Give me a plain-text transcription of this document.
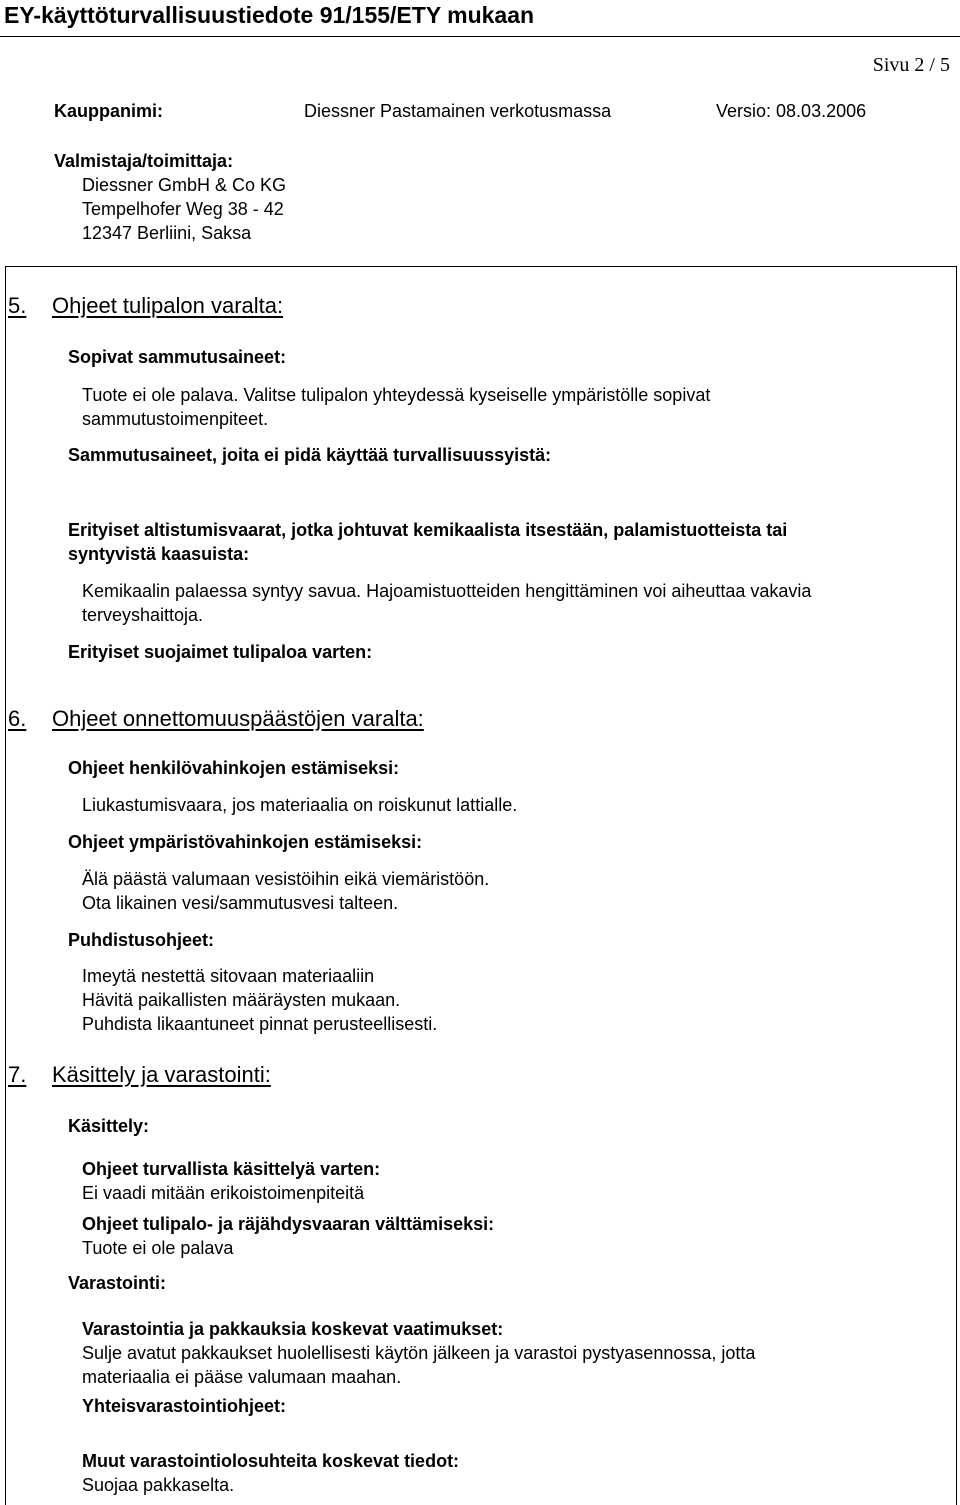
EY-käyttöturvallisuustiedote 91/155/ETY mukaan
Sivu 2 / 5
Kauppanimi:	Diessner Pastamainen verkotusmassa	Versio: 08.03.2006
Valmistaja/toimittaja:
Diessner GmbH & Co KG
Tempelhofer Weg 38 - 42
12347 Berliini, Saksa
5. Ohjeet tulipalon varalta:
Sopivat sammutusaineet:
Tuote ei ole palava. Valitse tulipalon yhteydessä kyseiselle ympäristölle sopivat
sammutustoimenpiteet.
Sammutusaineet, joita ei pidä käyttää turvallisuussyistä:
Erityiset altistumisvaarat, jotka johtuvat kemikaalista itsestään, palamistuotteista tai
syntyvistä kaasuista:
Kemikaalin palaessa syntyy savua. Hajoamistuotteiden hengittäminen voi aiheuttaa vakavia
terveyshaittoja.
Erityiset suojaimet tulipaloa varten:
6. Ohjeet onnettomuuspäästöjen varalta:
Ohjeet henkilövahinkojen estämiseksi:
Liukastumisvaara, jos materiaalia on roiskunut lattialle.
Ohjeet ympäristövahinkojen estämiseksi:
Älä päästä valumaan vesistöihin eikä viemäristöön.
Ota likainen vesi/sammutusvesi talteen.
Puhdistusohjeet:
Imeytä nestettä sitovaan materiaaliin
Hävitä paikallisten määräysten mukaan.
Puhdista likaantuneet pinnat perusteellisesti.
7. Käsittely ja varastointi:
Käsittely:
Ohjeet turvallista käsittelyä varten:
Ei vaadi mitään erikoistoimenpiteitä
Ohjeet tulipalo- ja räjähdysvaaran välttämiseksi:
Tuote ei ole palava
Varastointi:
Varastointia ja pakkauksia koskevat vaatimukset:
Sulje avatut pakkaukset huolellisesti käytön jälkeen ja varastoi pystyasennossa, jotta
materiaalia ei pääse valumaan maahan.
Yhteisvarastointiohjeet:
Muut varastointiolosuhteita koskevat tiedot:
Suojaa pakkaselta.
